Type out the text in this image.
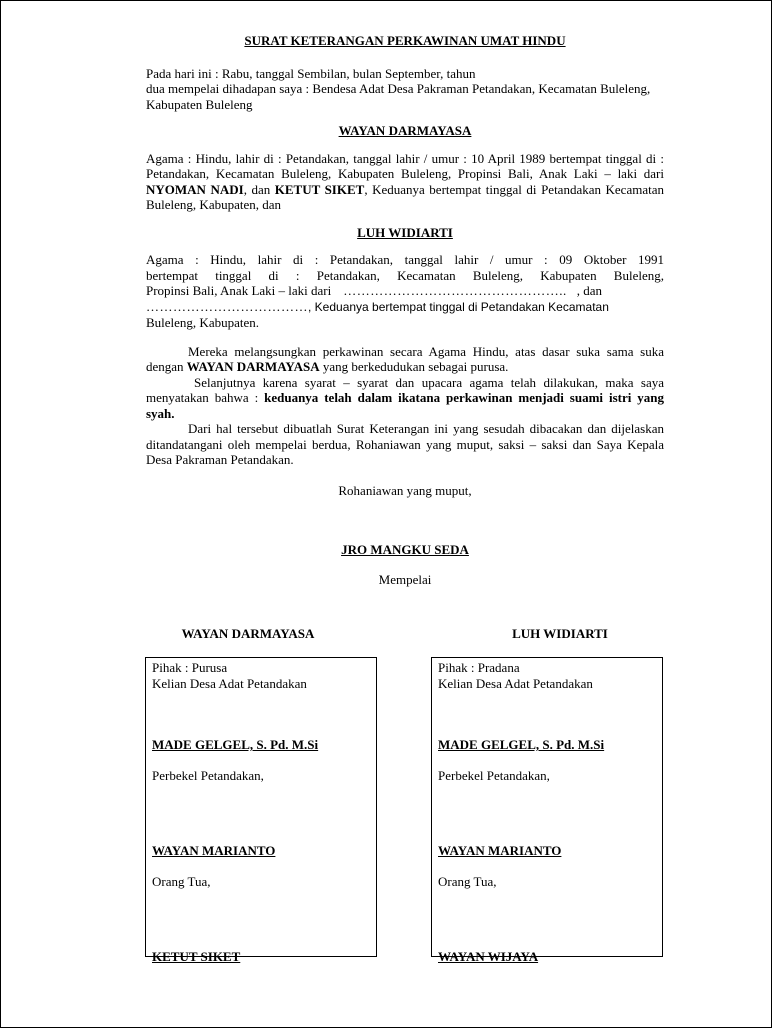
SURAT KETERANGAN PERKAWINAN UMAT HINDU

Pada hari ini : Rabu, tanggal Sembilan, bulan September, tahun

dua mempelai dihadapan saya : Bendesa Adat Desa Pakraman Petandakan, Kecamatan Buleleng, Kabupaten Buleleng

WAYAN DARMAYASA

Agama : Hindu, lahir di : Petandakan, tanggal lahir / umur : 10 April 1989 bertempat tinggal di : Petandakan, Kecamatan Buleleng, Kabupaten Buleleng, Propinsi Bali, Anak Laki – laki dari NYOMAN NADI, dan KETUT SIKET, Keduanya bertempat tinggal di Petandakan Kecamatan Buleleng, Kabupaten, dan

LUH WIDIARTI

Agama : Hindu, lahir di : Petandakan, tanggal lahir / umur : 09 Oktober 1991

bertempat tinggal di : Petandakan, Kecamatan Buleleng, Kabupaten Buleleng,

Propinsi Bali, Anak Laki – laki dari ………………………………………….. , dan

………………………………, Keduanya bertempat tinggal di Petandakan Kecamatan

Buleleng, Kabupaten.

Mereka melangsungkan perkawinan secara Agama Hindu, atas dasar suka sama suka dengan WAYAN DARMAYASA yang berkedudukan sebagai purusa.

Selanjutnya karena syarat – syarat dan upacara agama telah dilakukan, maka saya menyatakan bahwa : keduanya telah dalam ikatana perkawinan menjadi suami istri yang syah.

Dari hal tersebut dibuatlah Surat Keterangan ini yang sesudah dibacakan dan dijelaskan ditandatangani oleh mempelai berdua, Rohaniawan yang muput, saksi – saksi dan Saya Kepala Desa Pakraman Petandakan.

Rohaniawan yang muput,

JRO MANGKU SEDA

Mempelai

WAYAN DARMAYASA	LUH WIDIARTI
Pihak : Purusa
Kelian Desa Adat Petandakan
MADE GELGEL, S. Pd. M.Si
Perbekel Petandakan,
WAYAN MARIANTO
Orang Tua,
KETUT SIKET
Pihak : Pradana
Kelian Desa Adat Petandakan
MADE GELGEL, S. Pd. M.Si
Perbekel Petandakan,
WAYAN MARIANTO
Orang Tua,
WAYAN WIJAYA
